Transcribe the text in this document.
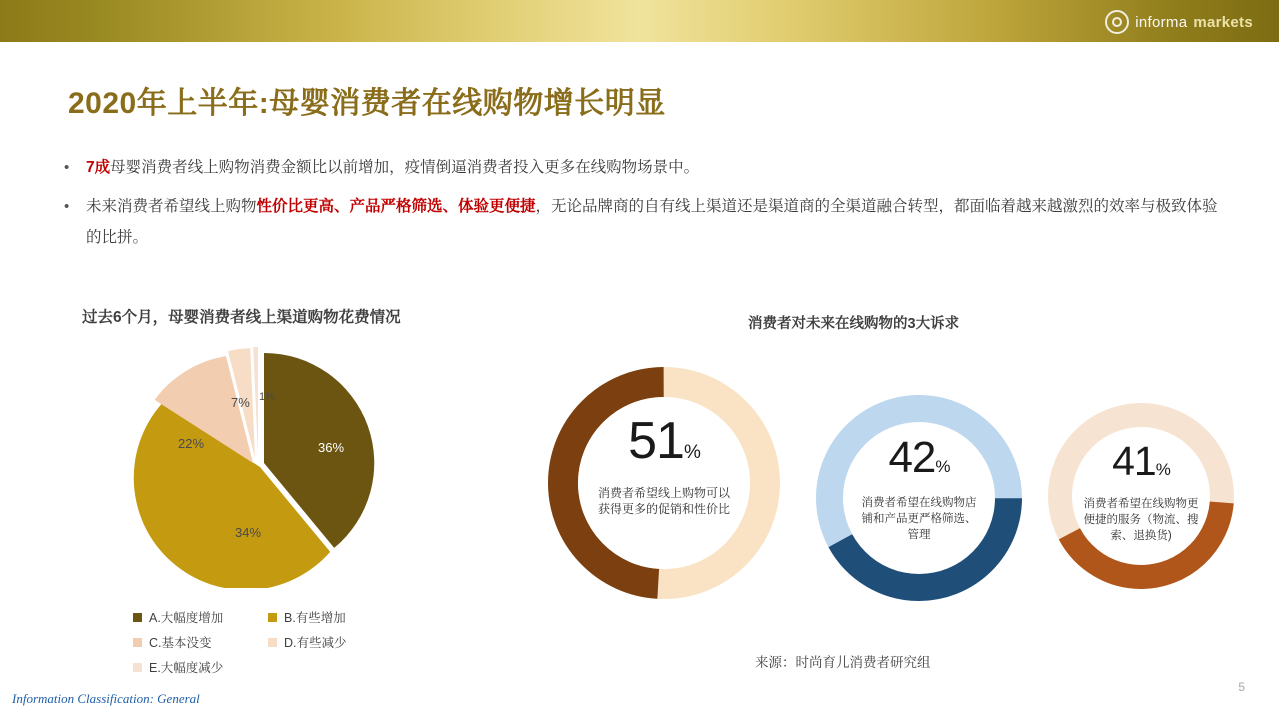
informa markets
2020年上半年:母婴消费者在线购物增长明显
• 7成母婴消费者线上购物消费金额比以前增加，疫情倒逼消费者投入更多在线购物场景中。
• 未来消费者希望线上购物性价比更高、产品严格筛选、体验更便捷，无论品牌商的自有线上渠道还是渠道商的全渠道融合转型，都面临着越来越激烈的效率与极致体验的比拼。
过去6个月，母婴消费者线上渠道购物花费情况	消费者对未来在线购物的3大诉求
36%
34%
22%
7% 1%
A.大幅度增加	B.有些增加
C.基本没变	D.有些减少
E.大幅度减少
51%
消费者希望线上购物可以获得更多的促销和性价比
42%
消费者希望在线购物店铺和产品更严格筛选、管理
41%
消费者希望在线购物更便捷的服务（物流、搜索、退换货)
来源：时尚育儿消费者研究组
5
Information Classification: General
